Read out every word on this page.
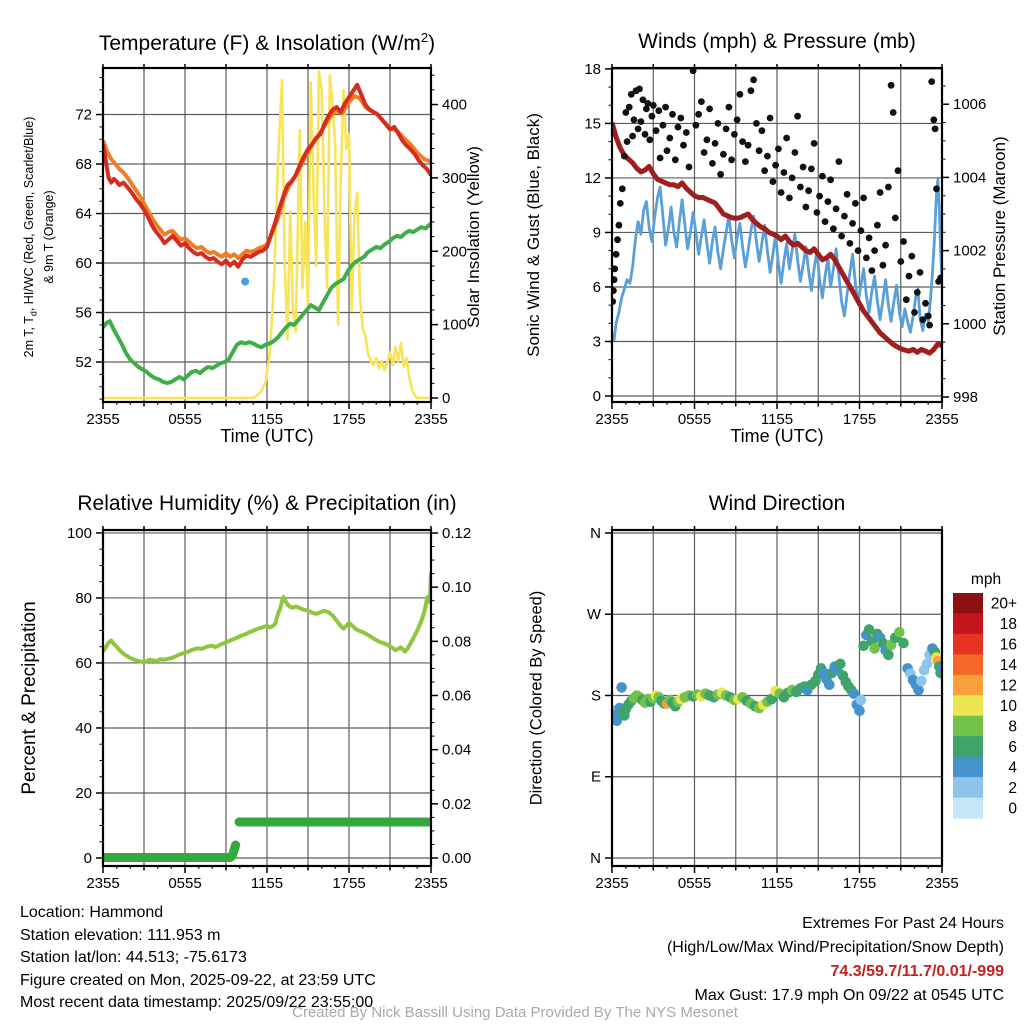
2355	0555	1155	1755	2355
52
56
60
64
68
72
0
100
200
300
400
2355	0555	1155	1755	2355
0
3
6
9
12
15
18
998
1000
1002
1004
1006
2355	0555	1155	1755	2355
0
20
40
60
80
100
0.00
0.02
0.04
0.06
0.08
0.10
0.12
2355	0555	1155	1755	2355
N
W
S
E
N
mph
20+
18
16
14
12
10
8
6
4
2
0
Temperature (F) & Insolation $(W/m^2)$	Winds (mph) & Pressure (mb)
Relative Humidity (%) & Precipitation (in)	Wind Direction
Time (UTC)	Time (UTC)
2m T, $T_d$, HI/WC (Red, Green, Scarlet/Blue) & 9m T (Orange)	Solar Insolation (Yellow) Sonic Wind & Gust (Blue, Black)	Station Pressure (Maroon)
Percent & Precipitation	Direction (Colored By Speed)
Location: Hammond
Station elevation: 111.953 m
Station lat/lon: 44.513; -75.6173
Figure created on Mon, 2025-09-22, at 23:59 UTC
Most recent data timestamp: 2025/09/22 23:55:00
Extremes For Past 24 Hours
(High/Low/Max Wind/Precipitation/Snow Depth)
74.3/59.7/11.7/0.01/-999
Max Gust: 17.9 mph On 09/22 at 0545 UTC
Created By Nick Bassill Using Data Provided By The NYS Mesonet
